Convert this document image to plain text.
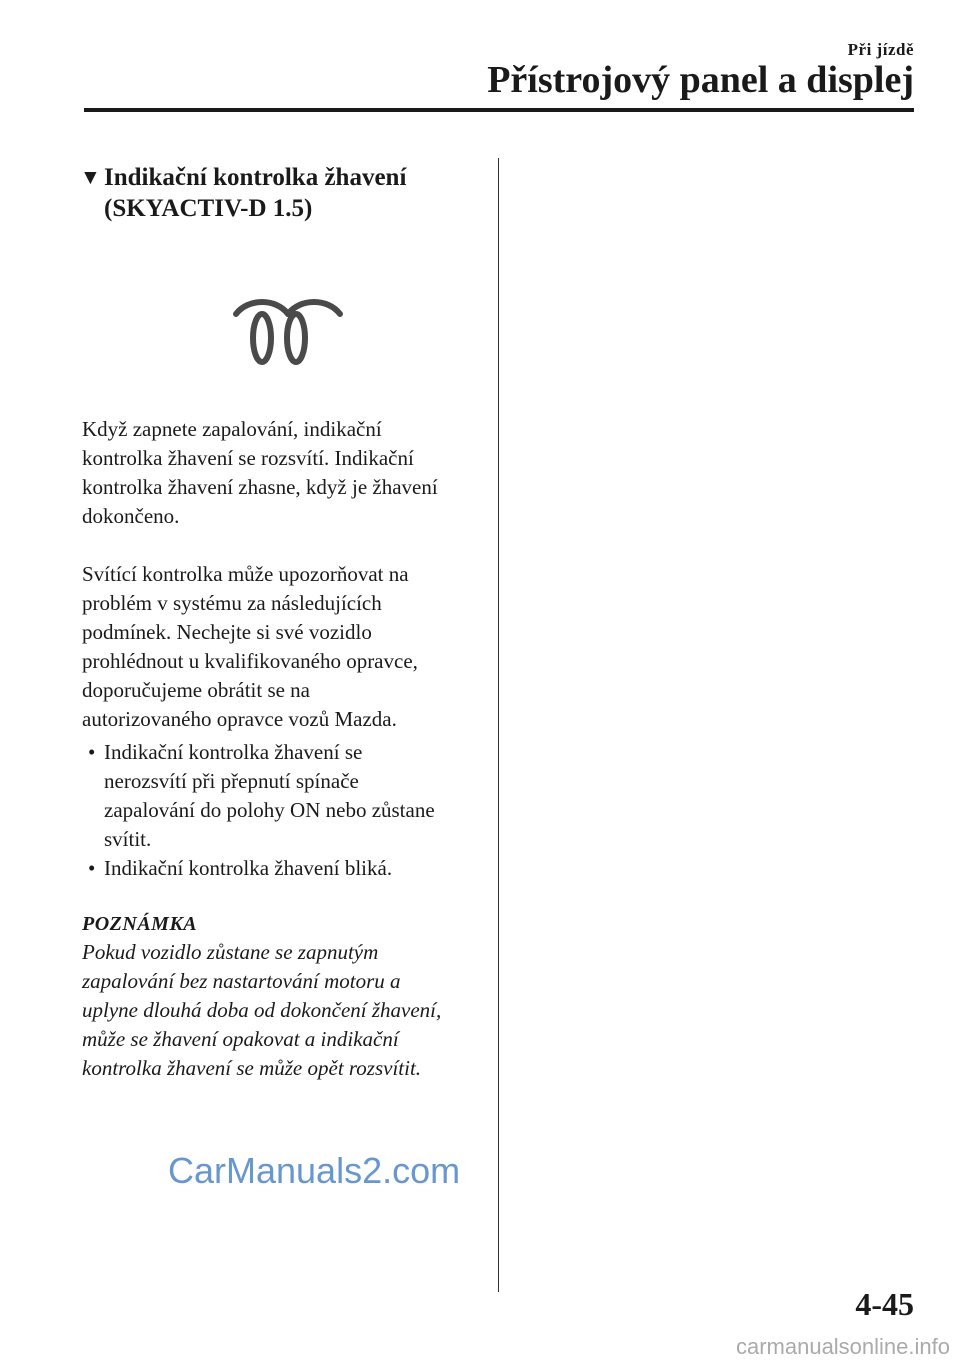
Při jízdě
Přístrojový panel a displej
▼ Indikační kontrolka žhavení
(SKYACTIV-D 1.5)

Když zapnete zapalování, indikační
kontrolka žhavení se rozsvítí. Indikační
kontrolka žhavení zhasne, když je žhavení
dokončeno.

Svítící kontrolka může upozorňovat na
problém v systému za následujících
podmínek. Nechejte si své vozidlo
prohlédnout u kvalifikovaného opravce,
doporučujeme obrátit se na
autorizovaného opravce vozů Mazda.

• Indikační kontrolka žhavení se
nerozsvítí při přepnutí spínače
zapalování do polohy ON nebo zůstane
svítit.
• Indikační kontrolka žhavení bliká.
POZNÁMKA

Pokud vozidlo zůstane se zapnutým
zapalování bez nastartování motoru a
uplyne dlouhá doba od dokončení žhavení,
může se žhavení opakovat a indikační
kontrolka žhavení se může opět rozsvítit.

CarManuals2.com
4-45
carmanualsonline.info
